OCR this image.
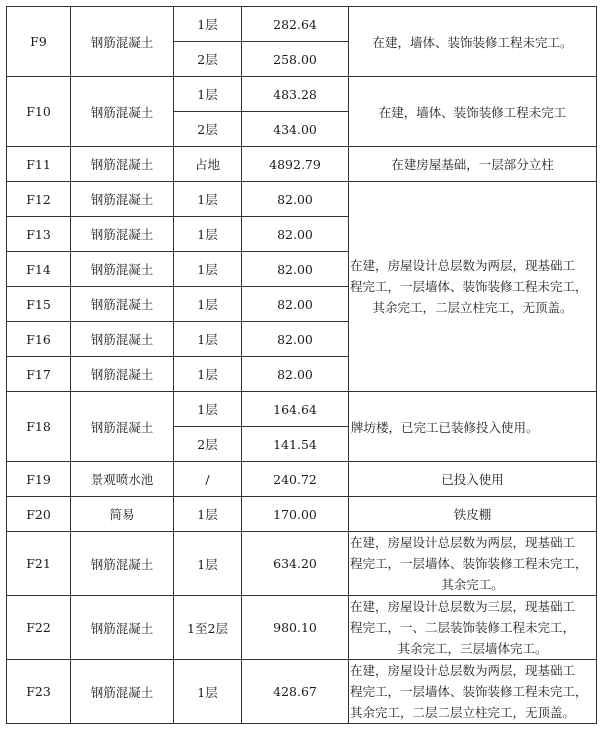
F9	钢筋混凝土	1层	282.64	在建，墙体、装饰装修工程未完工。
		2层	258.00	
F10	钢筋混凝土	1层	483.28	在建，墙体、装饰装修工程未完工
		2层	434.00	
F11	钢筋混凝土	占地	4892.79	在建房屋基础，一层部分立柱
F12	钢筋混凝土	1层	82.00	在建，房屋设计总层数为两层，现基础工
程完工，一层墙体、装饰装修工程未完工，
其余完工，二层立柱完工，无顶盖。

F13	钢筋混凝土	1层	82.00	
F14	钢筋混凝土	1层	82.00	
F15	钢筋混凝土	1层	82.00	
F16	钢筋混凝土	1层	82.00	
F17	钢筋混凝土	1层	82.00	
F18	钢筋混凝土	1层	164.64	牌坊楼，已完工已装修投入使用。
		2层	141.54	
F19	景观喷水池	/	240.72	已投入使用
F20	简易	1层	170.00	铁皮棚
F21	钢筋混凝土	1层	634.20	在建，房屋设计总层数为两层，现基础工
程完工，一层墙体、装饰装修工程未完工，
其余完工。

F22	钢筋混凝土	1至2层	980.10	在建，房屋设计总层数为三层，现基础工
程完工，一、二层装饰装修工程未完工，
其余完工，三层墙体完工。

F23	钢筋混凝土	1层	428.67	在建，房屋设计总层数为两层，现基础工
程完工，一层墙体、装饰装修工程未完工，
其余完工，二层二层立柱完工，无顶盖。
